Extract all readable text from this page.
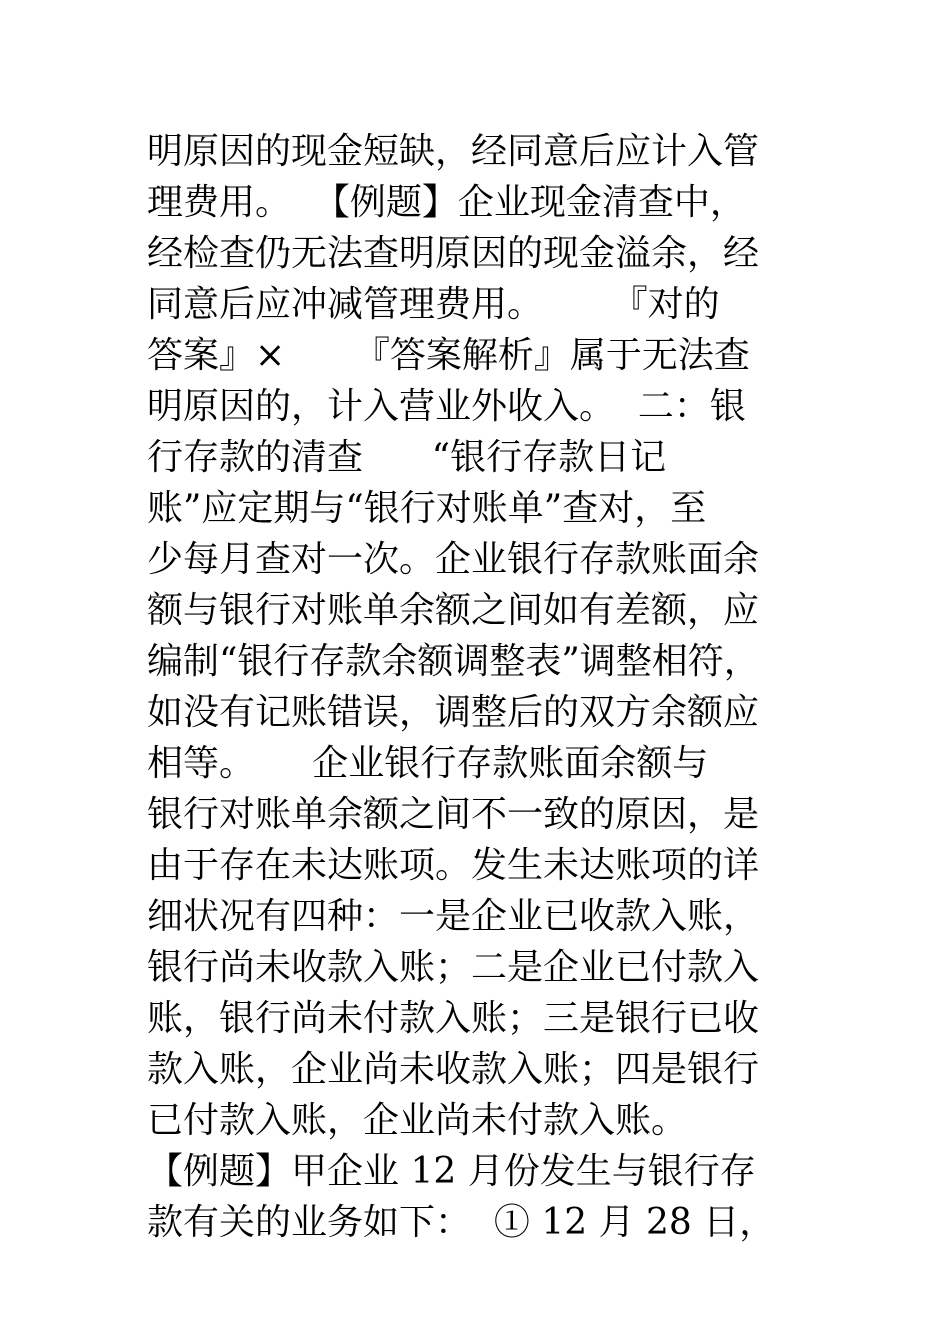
明原因的现金短缺，经同意后应计入管
理费用。  【例题】企业现金清查中，
经检查仍无法查明原因的现金溢余，经
同意后应冲减管理费用。      『对的
答案』×      『答案解析』属于无法查
明原因的，计入营业外收入。  二：银
行存款的清查      “银行存款日记
账”应定期与“银行对账单”查对，至
少每月查对一次。企业银行存款账面余
额与银行对账单余额之间如有差额，应
编制“银行存款余额调整表”调整相符，
如没有记账错误，调整后的双方余额应
相等。     企业银行存款账面余额与
银行对账单余额之间不一致的原因，是
由于存在未达账项。发生未达账项的详
细状况有四种：一是企业已收款入账，
银行尚未收款入账；二是企业已付款入
账，银行尚未付款入账；三是银行已收
款入账，企业尚未收款入账；四是银行
已付款入账，企业尚未付款入账。
【例题】甲企业 12 月份发生与银行存
款有关的业务如下：  ① 12 月 28 日，
